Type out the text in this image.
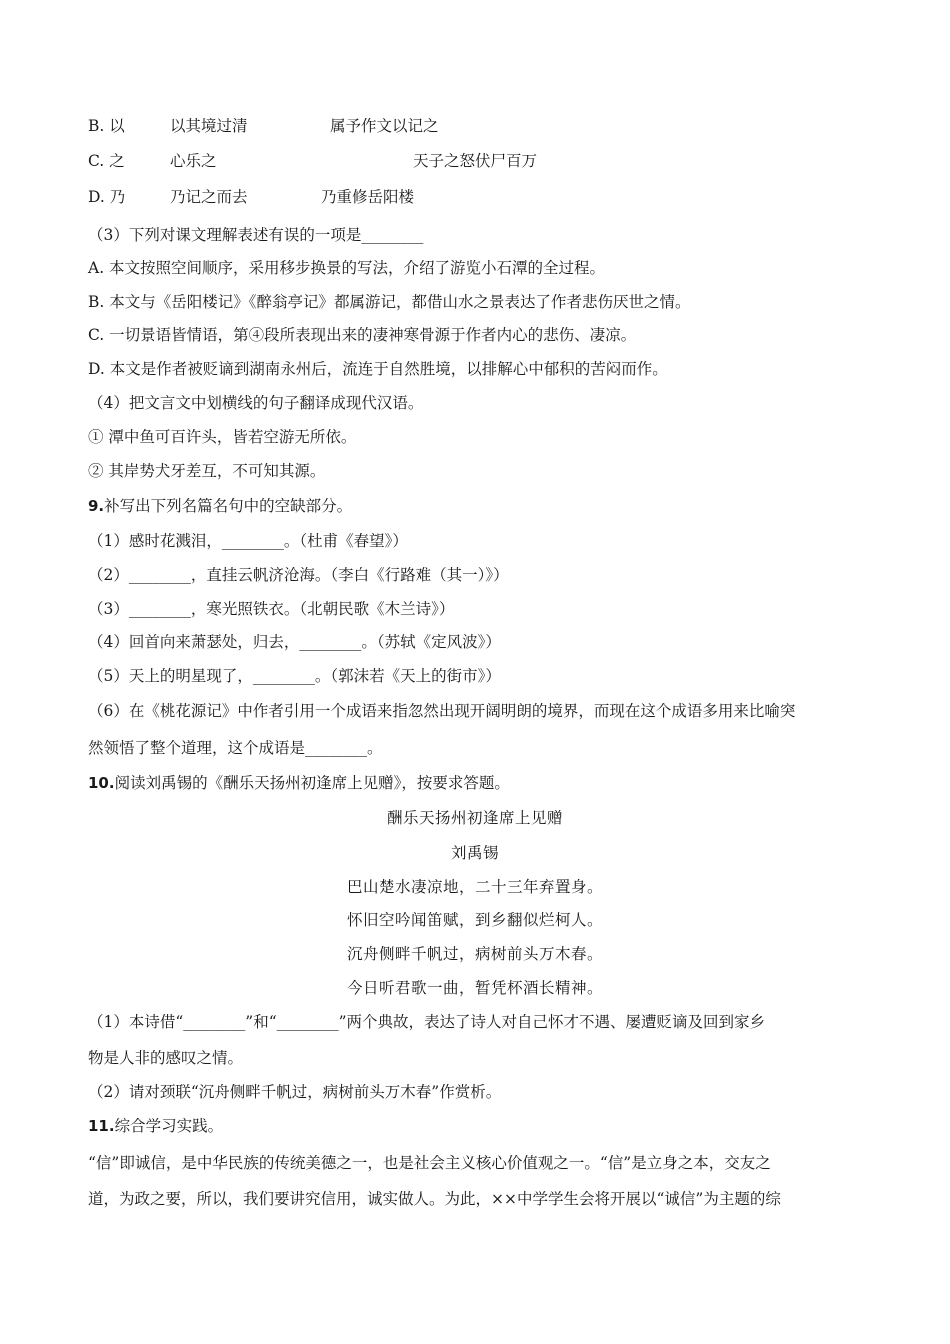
B. 以	以其境过清	属予作文以记之
C. 之	心乐之	天子之怒伏尸百万
D. 乃	乃记之而去	乃重修岳阳楼
（3）下列对课文理解表述有误的一项是________
A. 本文按照空间顺序，采用移步换景的写法，介绍了游览小石潭的全过程。
B. 本文与《岳阳楼记》《醉翁亭记》都属游记，都借山水之景表达了作者悲伤厌世之情。
C. 一切景语皆情语，第④段所表现出来的凄神寒骨源于作者内心的悲伤、凄凉。
D. 本文是作者被贬谪到湖南永州后，流连于自然胜境，以排解心中郁积的苦闷而作。
（4）把文言文中划横线的句子翻译成现代汉语。
① 潭中鱼可百许头，皆若空游无所依。
② 其岸势犬牙差互，不可知其源。
9.补写出下列名篇名句中的空缺部分。
（1）感时花溅泪，________。（杜甫《春望》）
（2）________，直挂云帆济沧海。（李白《行路难（其一）》）
（3）________，寒光照铁衣。（北朝民歌《木兰诗》）
（4）回首向来萧瑟处，归去，________。（苏轼《定风波》）
（5）天上的明星现了，________。（郭沫若《天上的街市》）
（6）在《桃花源记》中作者引用一个成语来指忽然出现开阔明朗的境界，而现在这个成语多用来比喻突
然领悟了整个道理，这个成语是________。
10.阅读刘禹锡的《酬乐天扬州初逢席上见赠》，按要求答题。
酬乐天扬州初逢席上见赠
刘禹锡
巴山楚水凄凉地，二十三年弃置身。
怀旧空吟闻笛赋，到乡翻似烂柯人。
沉舟侧畔千帆过，病树前头万木春。
今日听君歌一曲，暂凭杯酒长精神。
（1）本诗借“________”和“________”两个典故，表达了诗人对自己怀才不遇、屡遭贬谪及回到家乡
物是人非的感叹之情。
（2）请对颈联“沉舟侧畔千帆过，病树前头万木春”作赏析。
11.综合学习实践。
“信”即诚信，是中华民族的传统美德之一，也是社会主义核心价值观之一。“信”是立身之本，交友之
道，为政之要，所以，我们要讲究信用，诚实做人。为此，××中学学生会将开展以“诚信”为主题的综
